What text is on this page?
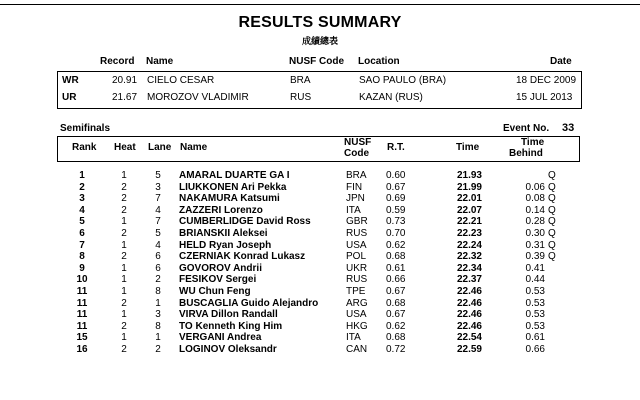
RESULTS SUMMARY
成績總表
Record Name	NUSF Code Location	Date
WR	20.91 CIELO CESAR	BRA	SAO PAULO (BRA)	18 DEC 2009
UR	21.67 MOROZOV VLADIMIR	RUS	KAZAN (RUS)	15 JUL 2013
Semifinals	Event No. 33
Rank Heat Lane Name	NUSF
Code
R.T.	Time	Time
Behind
1	1	5	AMARAL DUARTE GA I	BRA 0.60	21.93	Q
2	2	3	LIUKKONEN Ari Pekka	FIN 0.67	21.99	0.06 Q
3	2	7	NAKAMURA Katsumi	JPN 0.69	22.01	0.08 Q
4	2	4	ZAZZERI Lorenzo	ITA	0.59	22.07	0.14 Q
5	1	7	CUMBERLIDGE David Ross	GBR 0.73	22.21	0.28 Q
6	2	5	BRIANSKII Aleksei	RUS 0.70	22.23	0.30 Q
7	1	4	HELD Ryan Joseph	USA 0.62	22.24	0.31 Q
8	2	6	CZERNIAK Konrad Lukasz	POL 0.68	22.32	0.39 Q
9	1	6	GOVOROV Andrii	UKR 0.61	22.34	0.41
10	1	2	FESIKOV Sergei	RUS 0.66	22.37	0.44
11	1	8	WU Chun Feng	TPE 0.67	22.46	0.53
11	2	1	BUSCAGLIA Guido Alejandro	ARG 0.68	22.46	0.53
11	1	3	VIRVA Dillon Randall	USA 0.67	22.46	0.53
11	2	8	TO Kenneth King Him	HKG 0.62	22.46	0.53
15	1	1	VERGANI Andrea	ITA	0.68	22.54	0.61
16	2	2	LOGINOV Oleksandr	CAN 0.72	22.59	0.66
